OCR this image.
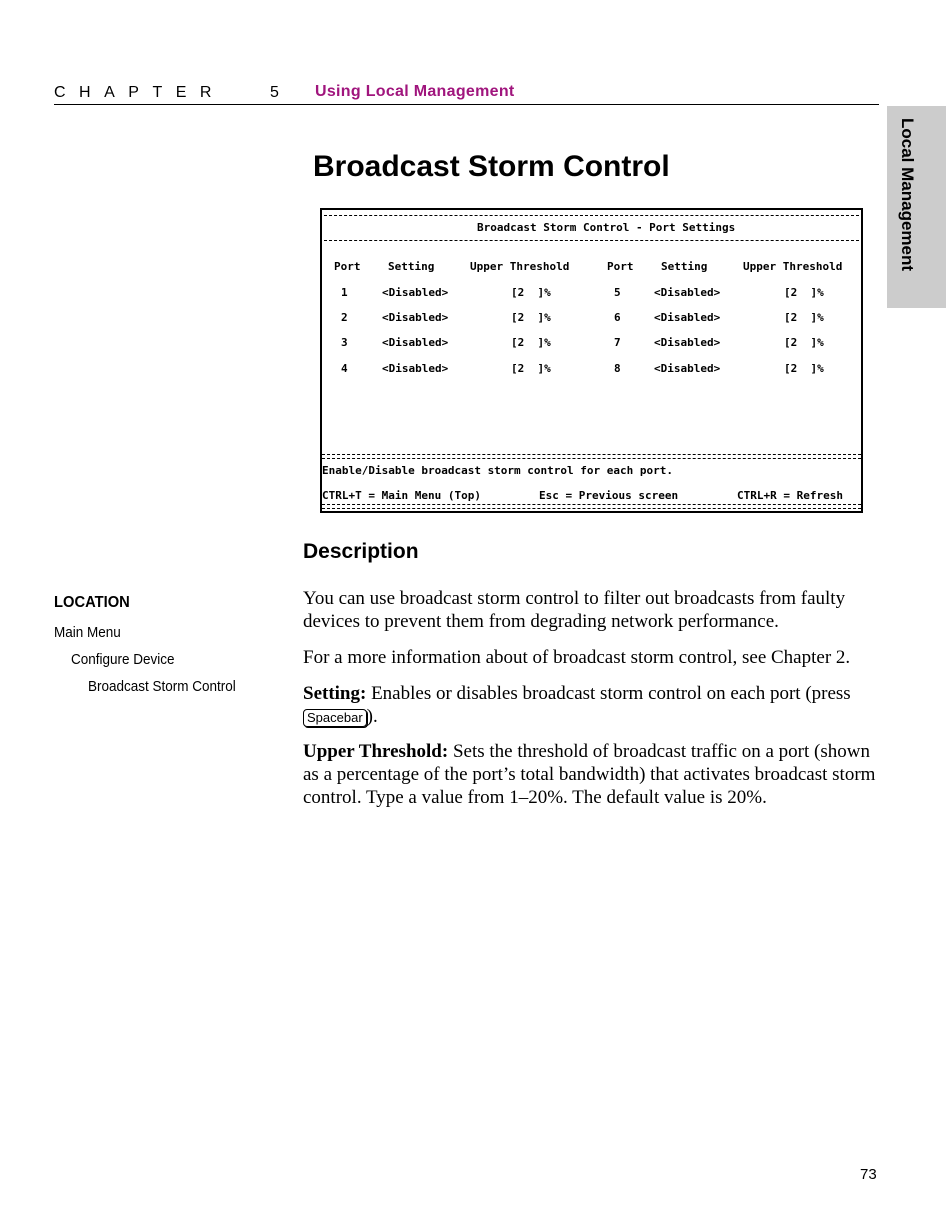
CHAPTER	5 Using Local Management
Local Management
Broadcast Storm Control
Broadcast Storm Control - Port Settings
Port	Setting	Upper Threshold	Port	Setting	Upper Threshold
1	<Disabled>	[2  ]%	5	<Disabled>	[2  ]%
2	<Disabled>	[2  ]%	6	<Disabled>	[2  ]%
3	<Disabled>	[2  ]%	7	<Disabled>	[2  ]%
4	<Disabled>	[2  ]%	8	<Disabled>	[2  ]%
Enable/Disable broadcast storm control for each port.
CTRL+T = Main Menu (Top)	Esc = Previous screen	CTRL+R = Refresh
Description
LOCATION
Main Menu
Configure Device
Broadcast Storm Control
You can use broadcast storm control to filter out broadcasts from faulty devices to prevent them from degrading network performance.
For a more information about of broadcast storm control, see Chapter 2.
Setting: Enables or disables broadcast storm control on each port (press
Spacebar ).
Upper Threshold: Sets the threshold of broadcast traffic on a port (shown as a percentage of the port’s total bandwidth) that activates broadcast storm control. Type a value from 1–20%. The default value is 20%.
73
